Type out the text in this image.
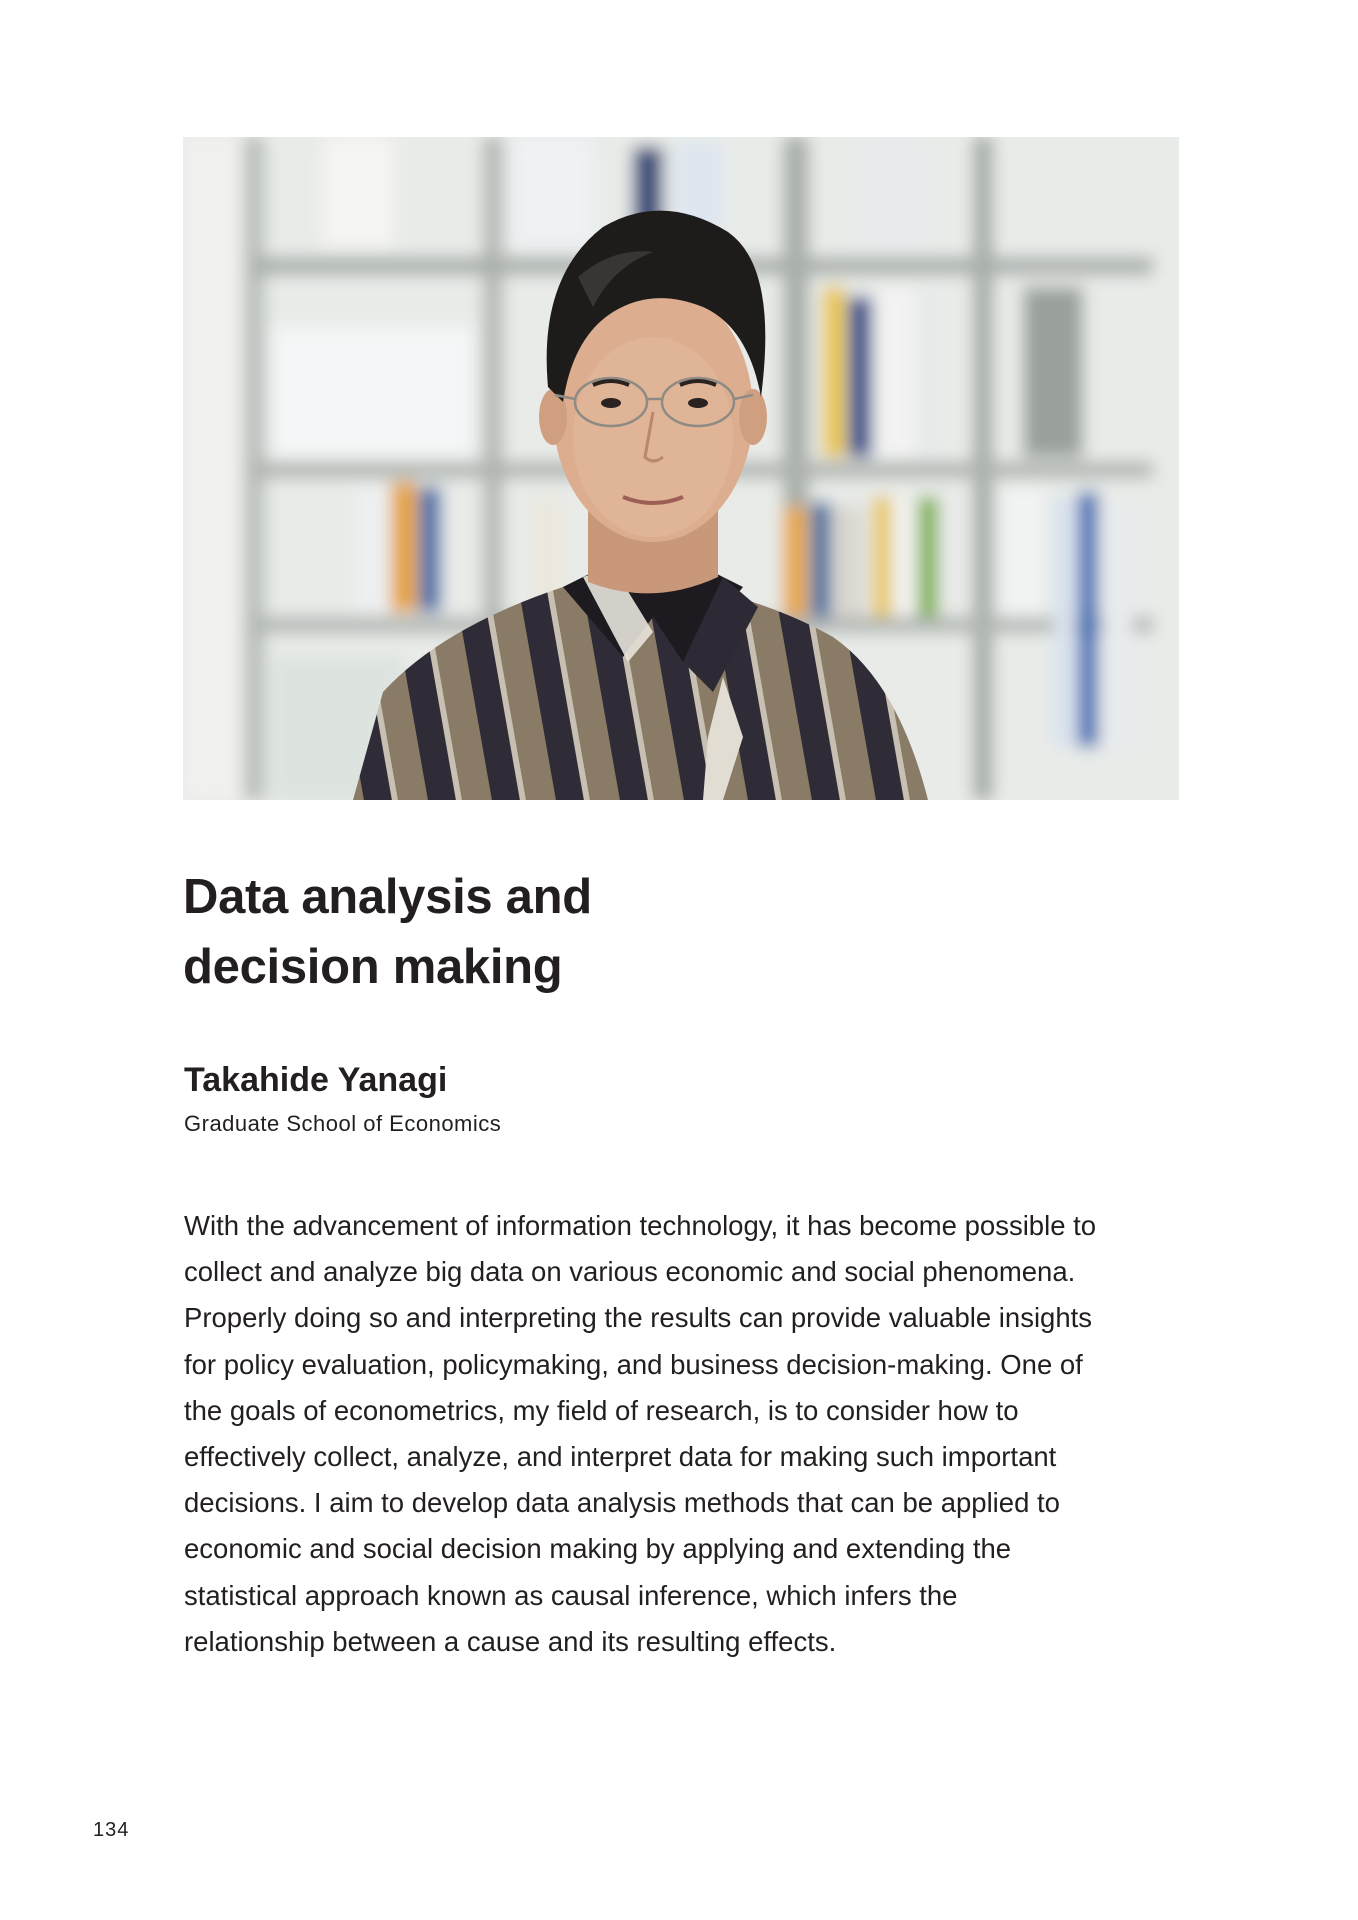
Data analysis and
decision making

Takahide Yanagi

Graduate School of Economics

With the advancement of information technology, it has become possible to
collect and analyze big data on various economic and social phenomena.
Properly doing so and interpreting the results can provide valuable insights
for policy evaluation, policymaking, and business decision-making. One of
the goals of econometrics, my field of research, is to consider how to
effectively collect, analyze, and interpret data for making such important
decisions. I aim to develop data analysis methods that can be applied to
economic and social decision making by applying and extending the
statistical approach known as causal inference, which infers the
relationship between a cause and its resulting effects.
134
